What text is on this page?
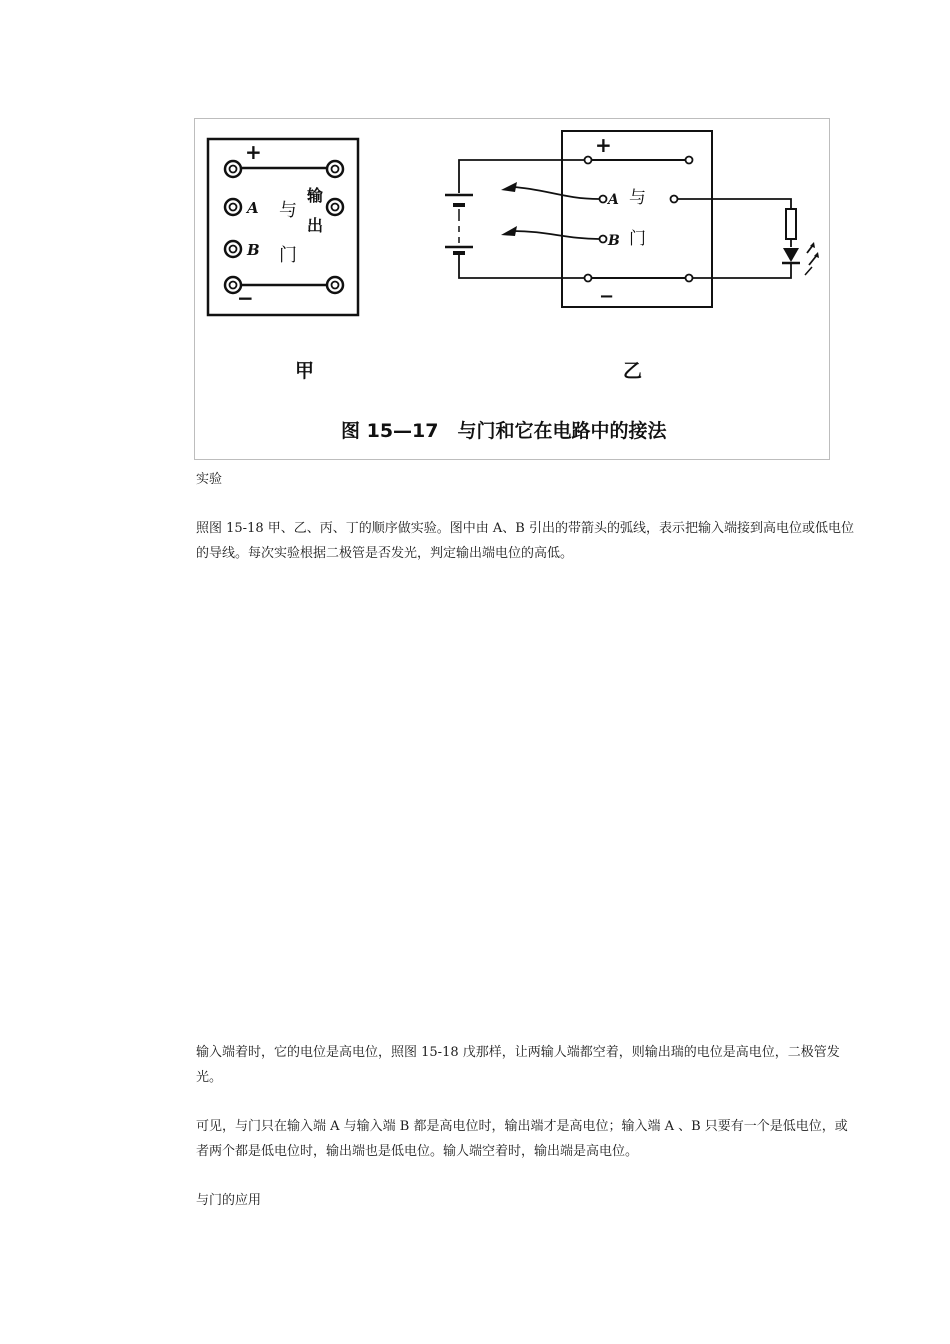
+
A 与
输
出
B 门
−
甲
+
A 与
B 门
−
乙
图 15—17　与门和它在电路中的接法

实验

照图 15-18 甲、乙、丙、丁的顺序做实验。图中由 A、B 引出的带箭头的弧线，表示把输入端接到高电位或低电位的导线。每次实验根据二极管是否发光，判定输出端电位的高低。

输入端着时，它的电位是高电位，照图 15-18 戊那样，让两输人端都空着，则输出瑞的电位是高电位，二极管发光。

可见，与门只在输入端 A 与输入端 B 都是高电位时，输出端才是高电位；输入端 A 、B 只要有一个是低电位，或者两个都是低电位时，输出端也是低电位。输人端空着时，输出端是高电位。

与门的应用
